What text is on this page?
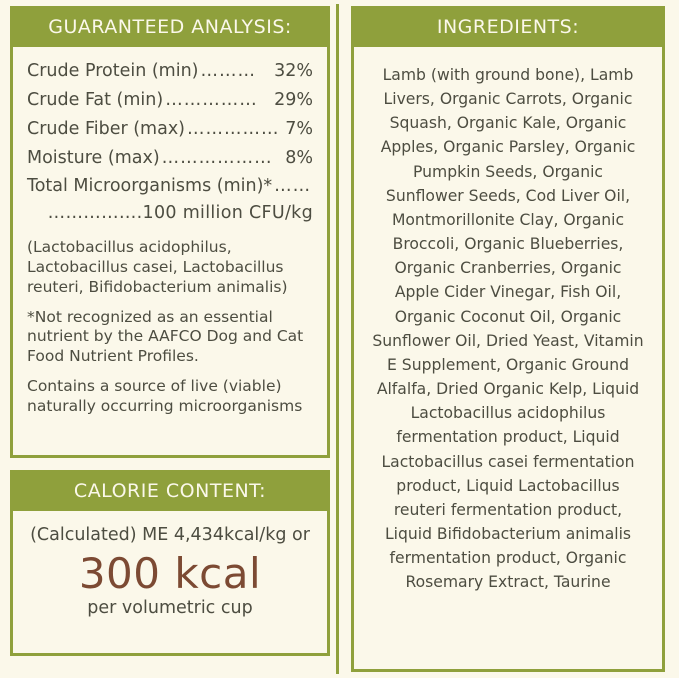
GUARANTEED ANALYSIS:
Crude Protein (min) ………	32%
Crude Fat (min) …………… 29%
Crude Fiber (max) …………… 7%
Moisture (max) ……………… 8%
Total Microorganisms (min)* ……
…………….100 million CFU/kg
(Lactobacillus acidophilus, Lactobacillus casei, Lactobacillus reuteri, Bifidobacterium animalis)
*Not recognized as an essential nutrient by the AAFCO Dog and Cat Food Nutrient Profiles.
Contains a source of live (viable) naturally occurring microorganisms
CALORIE CONTENT:
(Calculated) ME 4,434kcal/kg or
300 kcal
per volumetric cup
INGREDIENTS:
Lamb (with ground bone), Lamb Livers, Organic Carrots, Organic Squash, Organic Kale, Organic Apples, Organic Parsley, Organic Pumpkin Seeds, Organic Sunflower Seeds, Cod Liver Oil, Montmorillonite Clay, Organic Broccoli, Organic Blueberries, Organic Cranberries, Organic Apple Cider Vinegar, Fish Oil, Organic Coconut Oil, Organic Sunflower Oil, Dried Yeast, Vitamin E Supplement, Organic Ground Alfalfa, Dried Organic Kelp, Liquid Lactobacillus acidophilus fermentation product, Liquid Lactobacillus casei fermentation product, Liquid Lactobacillus reuteri fermentation product, Liquid Bifidobacterium animalis fermentation product, Organic Rosemary Extract, Taurine
